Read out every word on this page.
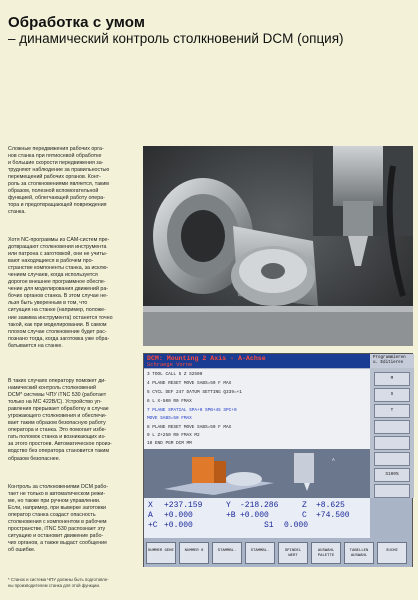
Обработка с умом
– динамический контроль столкновений DCM (опция)
Сложные передвижения рабочих орга-
нов станка при пятиосевой обработке
и большие скорости передвижения за-
трудняют наблюдение за правильностью
перемещений рабочих органов. Конт-
роль за столкновениями является, таким
образом, полезной вспомогательной
функцией, облегчающей работу опера-
тора и предотвращающей повреждения
станка.
Хотя NC-программы из CAM-систем пре-
дотвращают столкновения инструмента
или патрона с заготовкой, они не учиты-
вают находящиеся в рабочем про-
странстве компоненты станка, за исклю-
чением случаев, когда используется
дорогое внешнее программное обеспе-
чение для моделирования движений ра-
бочих органов станка. В этом случае не-
льзя быть уверенным в том, что
ситуация на станке (например, положе-
ние зажима инструмента) останется точно
такой, как при моделировании. В самом
плохом случае столкновение будет рас-
познано тогда, когда заготовка уже обра-
батывается на станке.
В таких случаях оператору поможет ди-
намический контроль столкновений
DCM* системы ЧПУ iTNC 530 (работает
только на MC 422B/C). Устройство уп-
равления прерывает обработку в случае
угрожающего столкновения и обеспечи-
вает таким образом безопасную работу
оператора и станка. Это помогает избе-
гать поломок станка и возникающих из-
за этого простоев. Автоматическое произ-
водство без оператора становится таким
образом безопаснее.
Контроль за столкновениями DCM рабо-
тает не только в автоматическом режи-
ме, но также при ручном управлении.
Если, например, при выверке заготовки
оператор станка создаст опасность
столкновения с компонентом в рабочем
пространстве, iTNC 530 распознает эту
ситуацию и остановит движение рабо-
чих органов, а также выдаст сообщение
об ошибке.
* Станок и система ЧПУ должны быть подготовле-
ны производителем станка для этой функции.
DCM: Mounting 2 Axis - A-Achse
Schraege Vorne
Programmieren
u. Editieren
3 TOOL CALL 5 Z S2500
4 PLANE RESET MOVE SABS=50 F MAX
5 CYCL DEF 247 DATUM SETTING Q339=+1
6 L X-500 R0 FMAX
7 PLANE SPATIAL SPA+0 SPB+45 SPC+0
MOVE SABS=50 FMAX
8 PLANE RESET MOVE SABS=50 F MAX
9 L Z+250 R0 FMAX M2
10 END PGM DCM MM
A
M
S
T
S100%
X +237.159	Y -218.286	Z +8.625
A +0.000	+B +0.000	C +74.500
+C +0.000	S1 0.000
NUMMER GEHE	NUMMER 0	STAMMBL.	STAMMBL.	SPINDEL WERT
AUSWAHL PALETTE
TABELLEN AUSWAHL
SUCHE
